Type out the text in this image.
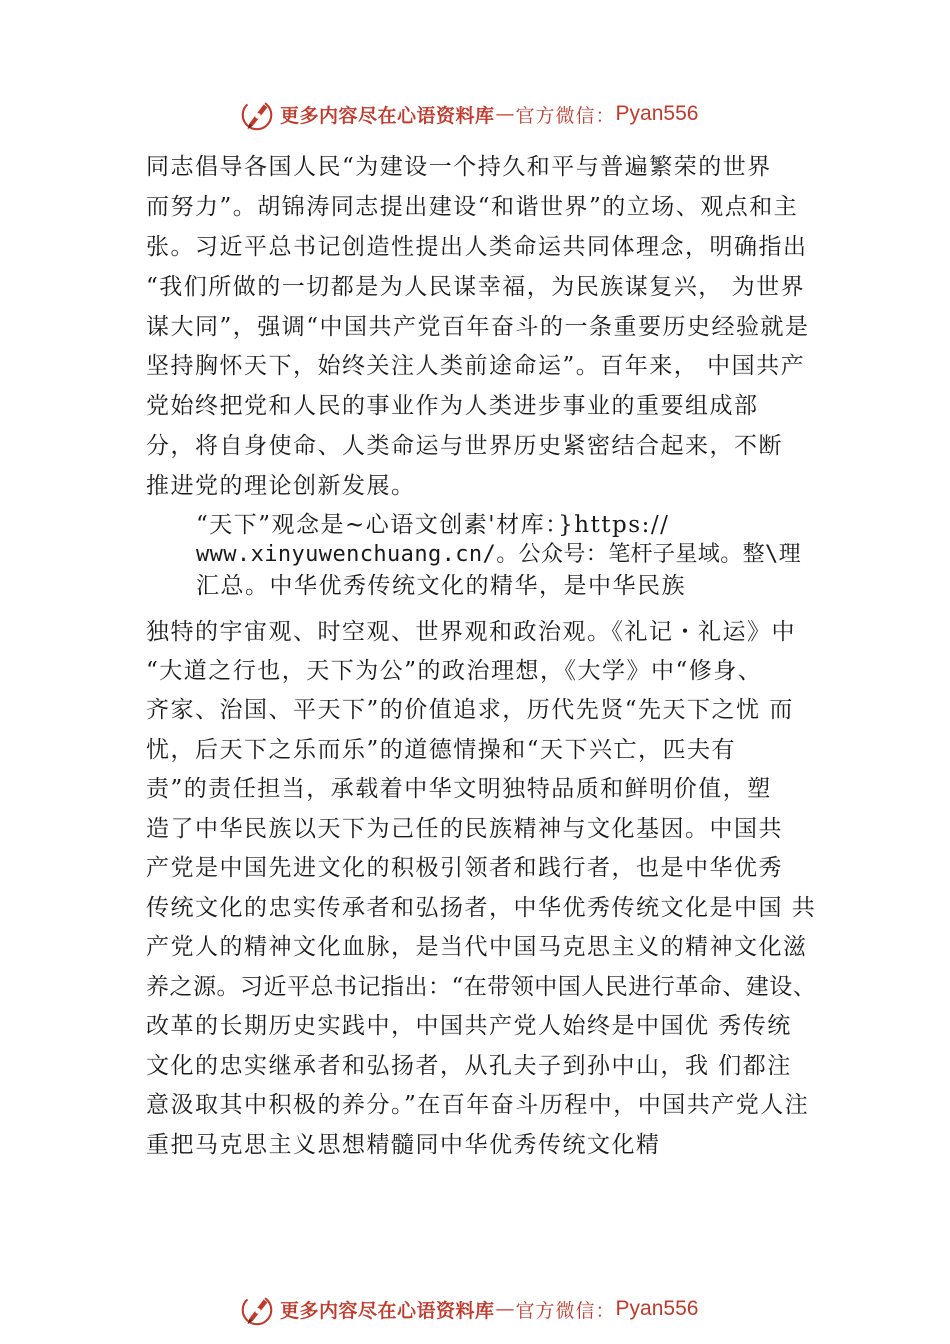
更多内容尽在心语资料库 — 官方微信： Pyan556
同志倡导各国人民“为建设一个持久和平与普遍繁荣的世界
而努力”。胡锦涛同志提出建设“和谐世界”的立场、观点和主
张。习近平总书记创造性提出人类命运共同体理念，明确指出
“我们所做的一切都是为人民谋幸福，为民族谋复兴， 为世界
谋大同”，强调“中国共产党百年奋斗的一条重要历史经验就是
坚持胸怀天下，始终关注人类前途命运”。百年来， 中国共产
党始终把党和人民的事业作为人类进步事业的重要组成部
分，将自身使命、人类命运与世界历史紧密结合起来，不断
推进党的理论创新发展。
“天下”观念是~心语文创素'材库：}https://
www.xinyuwenchuang.cn/。公众号：笔杆子星域。整\理
汇总。中华优秀传统文化的精华，是中华民族
独特的宇宙观、时空观、世界观和政治观。《礼记・礼运》中
“大道之行也，天下为公”的政治理想，《大学》中“修身、
齐家、治国、平天下”的价值追求，历代先贤“先天下之忧 而
忧，后天下之乐而乐”的道德情操和“天下兴亡，匹夫有
责”的责任担当，承载着中华文明独特品质和鲜明价值，塑
造了中华民族以天下为己任的民族精神与文化基因。中国共
产党是中国先进文化的积极引领者和践行者，也是中华优秀
传统文化的忠实传承者和弘扬者，中华优秀传统文化是中国 共
产党人的精神文化血脉，是当代中国马克思主义的精神文化滋
养之源。习近平总书记指出：“在带领中国人民进行革命、建设、
改革的长期历史实践中，中国共产党人始终是中国优 秀传统
文化的忠实继承者和弘扬者，从孔夫子到孙中山，我 们都注
意汲取其中积极的养分。”在百年奋斗历程中，中国共产党人注
重把马克思主义思想精髓同中华优秀传统文化精
更多内容尽在心语资料库 — 官方微信： Pyan556
